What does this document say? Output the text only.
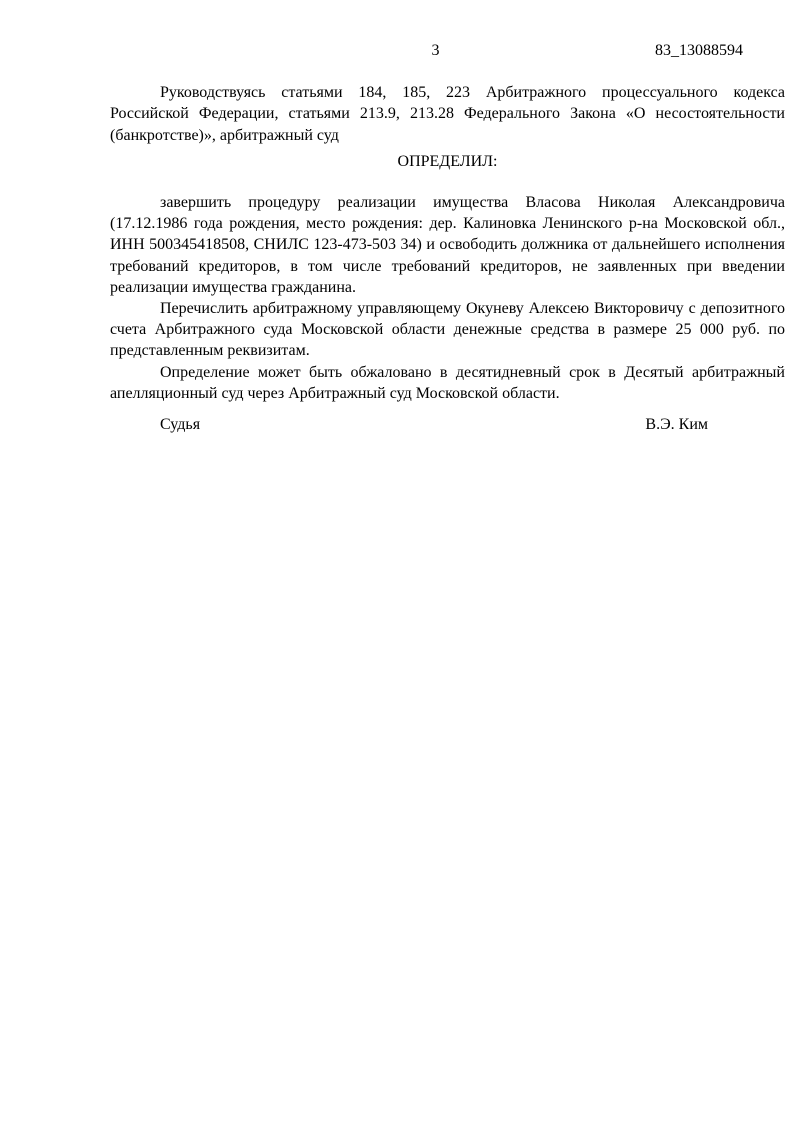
3	83_13088594

Руководствуясь статьями 184, 185, 223 Арбитражного процессуального кодекса Российской Федерации, статьями 213.9, 213.28 Федерального Закона «О несостоятельности (банкротстве)», арбитражный суд

ОПРЕДЕЛИЛ:

завершить процедуру реализации имущества Власова Николая Александровича (17.12.1986 года рождения, место рождения: дер. Калиновка Ленинского р-на Московской обл., ИНН 500345418508, СНИЛС 123-473-503 34) и освободить должника от дальнейшего исполнения требований кредиторов, в том числе требований кредиторов, не заявленных при введении реализации имущества гражданина.

Перечислить арбитражному управляющему Окуневу Алексею Викторовичу с депозитного счета Арбитражного суда Московской области денежные средства в размере 25 000 руб. по представленным реквизитам.

Определение может быть обжаловано в десятидневный срок в Десятый арбитражный апелляционный суд через Арбитражный суд Московской области.

Судья	В.Э. Ким
